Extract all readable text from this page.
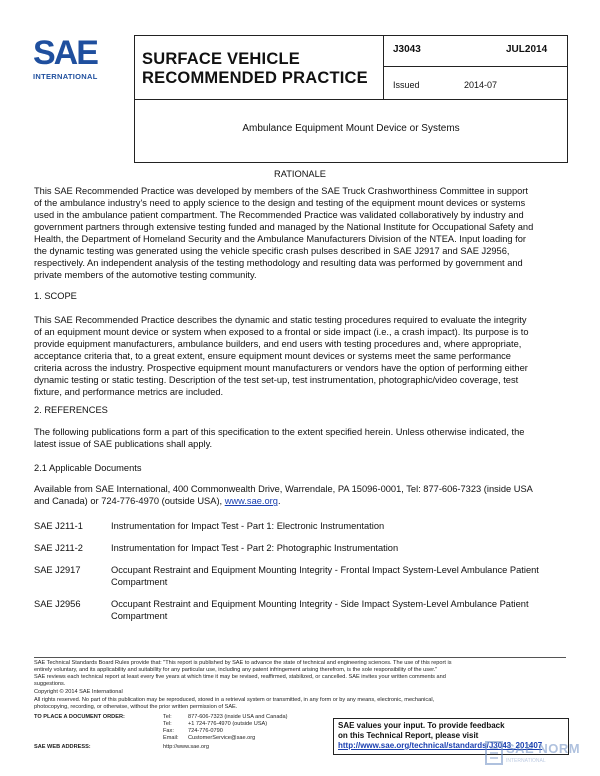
SAE
INTERNATIONAL
SURFACE VEHICLE
RECOMMENDED PRACTICE
J3043	JUL2014
Issued	2014-07
Ambulance Equipment Mount Device or Systems
RATIONALE
This SAE Recommended Practice was developed by members of the SAE Truck Crashworthiness Committee in support
of the ambulance industry's need to apply science to the design and testing of the equipment mount devices or systems
used in the ambulance patient compartment. The Recommended Practice was validated collaboratively by industry and
government partners through extensive testing funded and managed by the National Institute for Occupational Safety and
Health, the Department of Homeland Security and the Ambulance Manufacturers Division of the NTEA. Input loading for
the dynamic testing was generated using the vehicle specific crash pulses described in SAE J2917 and SAE J2956,
respectively. An independent analysis of the testing methodology and resulting data was performed by government and
private members of the automotive testing community.
1. SCOPE
This SAE Recommended Practice describes the dynamic and static testing procedures required to evaluate the integrity
of an equipment mount device or system when exposed to a frontal or side impact (i.e., a crash impact). Its purpose is to
provide equipment manufacturers, ambulance builders, and end users with testing procedures and, where appropriate,
acceptance criteria that, to a great extent, ensure equipment mount devices or systems meet the same performance
criteria across the industry. Prospective equipment mount manufacturers or vendors have the option of performing either
dynamic testing or static testing. Description of the test set-up, test instrumentation, photographic/video coverage, test
fixture, and performance metrics are included.
2. REFERENCES
The following publications form a part of this specification to the extent specified herein. Unless otherwise indicated, the
latest issue of SAE publications shall apply.
2.1 Applicable Documents
Available from SAE International, 400 Commonwealth Drive, Warrendale, PA 15096-0001, Tel: 877-606-7323 (inside USA
and Canada) or 724-776-4970 (outside USA), www.sae.org.
SAE J211-1	Instrumentation for Impact Test - Part 1: Electronic Instrumentation
SAE J211-2	Instrumentation for Impact Test - Part 2: Photographic Instrumentation
SAE J2917	Occupant Restraint and Equipment Mounting Integrity - Frontal Impact System-Level Ambulance Patient Compartment
SAE J2956	Occupant Restraint and Equipment Mounting Integrity - Side Impact System-Level Ambulance Patient Compartment
SAE Technical Standards Board Rules provide that: "This report is published by SAE to advance the state of technical and engineering sciences. The use of this report is
entirely voluntary, and its applicability and suitability for any particular use, including any patent infringement arising therefrom, is the sole responsibility of the user."
SAE reviews each technical report at least every five years at which time it may be revised, reaffirmed, stabilized, or cancelled. SAE invites your written comments and
suggestions.
Copyright © 2014 SAE International
All rights reserved. No part of this publication may be reproduced, stored in a retrieval system or transmitted, in any form or by any means, electronic, mechanical,
photocopying, recording, or otherwise, without the prior written permission of SAE.
TO PLACE A DOCUMENT ORDER:	Tel:	877-606-7323 (inside USA and Canada)
Tel:	+1 724-776-4970 (outside USA)
Fax:	724-776-0790
Email: CustomerService@sae.org
SAE WEB ADDRESS:	http://www.sae.org
SAE values your input. To provide feedback
on this Technical Report, please visit
http://www.sae.org/technical/standards/J3043_201407
SAE NORM
INTERNATIONAL
